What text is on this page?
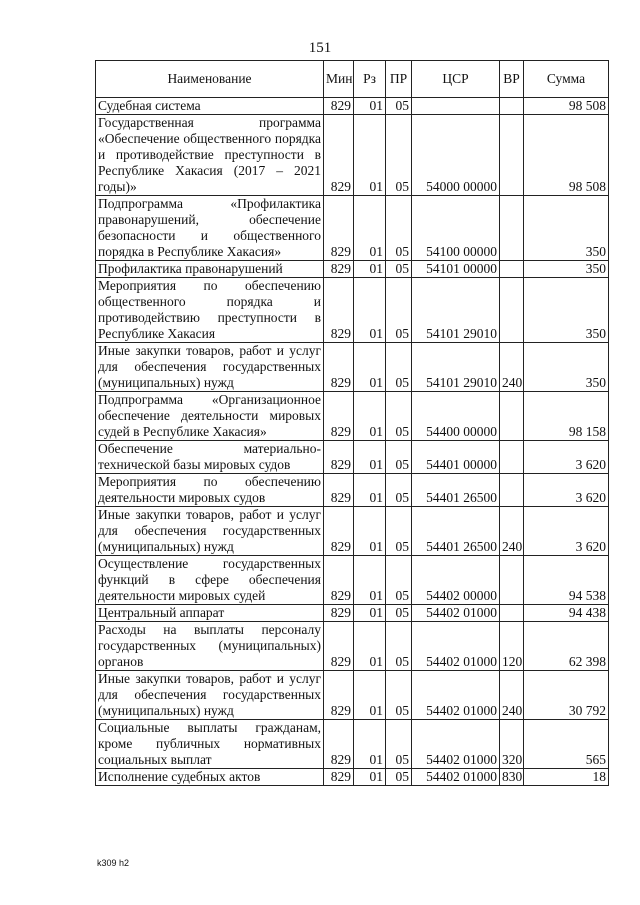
151
Наименование	Мин	Рз	ПР	ЦСР	ВР	Сумма
Судебная система	829	01	05			98 508
Государственная программа «Обеспечение общественного порядка и противодействие преступности в Республике Хакасия (2017 – 2021 годы)»	829	01	05	54000 00000		98 508
Подпрограмма «Профилактика правонарушений, обеспечение безопасности и общественного порядка в Республике Хакасия»	829	01	05	54100 00000		350
Профилактика правонарушений	829	01	05	54101 00000		350
Мероприятия по обеспечению общественного порядка и противодействию преступности в Республике Хакасия	829	01	05	54101 29010		350
Иные закупки товаров, работ и услуг для обеспечения государственных (муниципальных) нужд	829	01	05	54101 29010	240	350
Подпрограмма «Организационное обеспечение деятельности мировых судей в Республике Хакасия»	829	01	05	54400 00000		98 158
Обеспечение материально-технической базы мировых судов	829	01	05	54401 00000		3 620
Мероприятия по обеспечению деятельности мировых судов	829	01	05	54401 26500		3 620
Иные закупки товаров, работ и услуг для обеспечения государственных (муниципальных) нужд	829	01	05	54401 26500	240	3 620
Осуществление государственных функций в сфере обеспечения деятельности мировых судей	829	01	05	54402 00000		94 538
Центральный аппарат	829	01	05	54402 01000		94 438
Расходы на выплаты персоналу государственных (муниципальных) органов	829	01	05	54402 01000	120	62 398
Иные закупки товаров, работ и услуг для обеспечения государственных (муниципальных) нужд	829	01	05	54402 01000	240	30 792
Социальные выплаты гражданам, кроме публичных нормативных социальных выплат	829	01	05	54402 01000	320	565
Исполнение судебных актов	829	01	05	54402 01000	830	18
k309 h2
